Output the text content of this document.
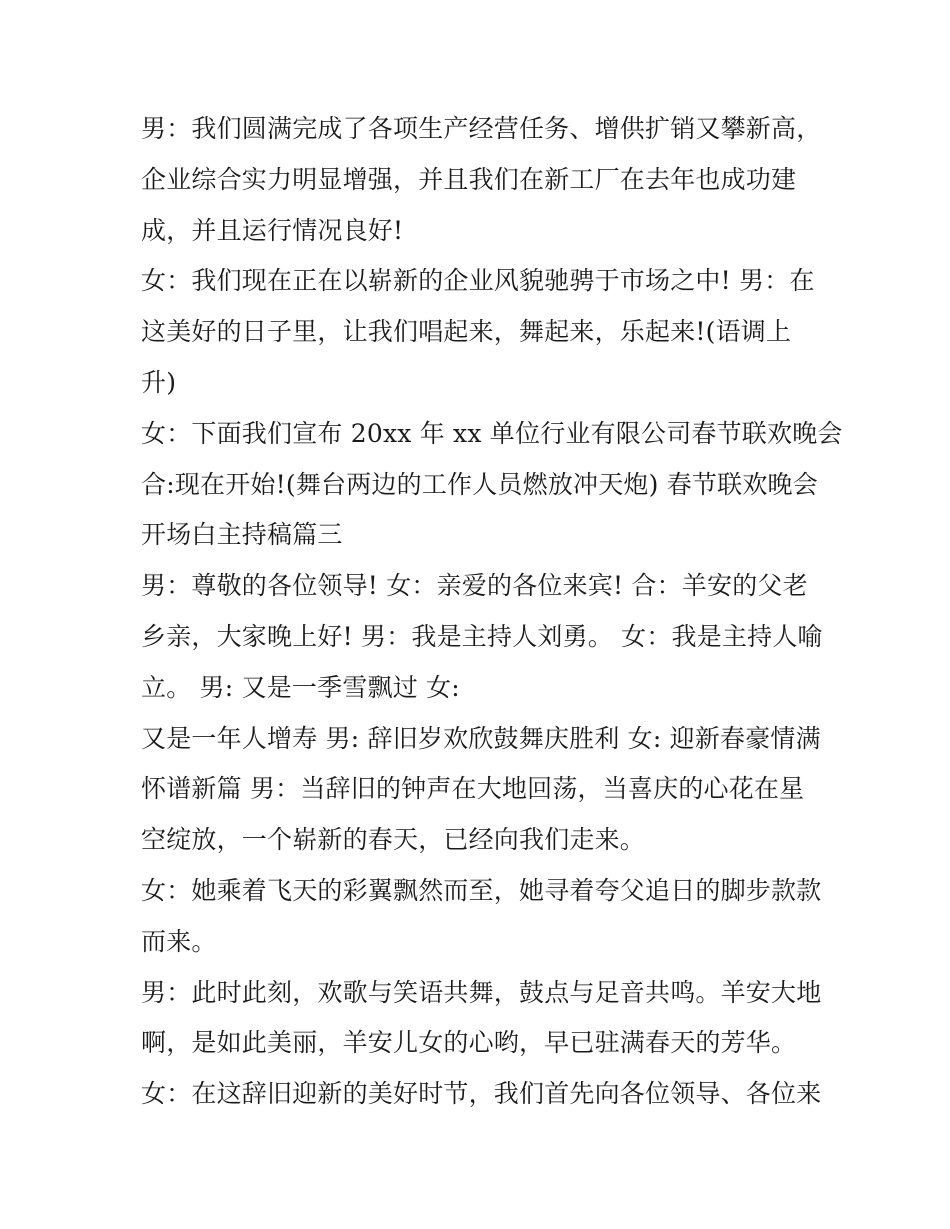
男：我们圆满完成了各项生产经营任务、增供扩销又攀新高，
企业综合实力明显增强，并且我们在新工厂在去年也成功建
成，并且运行情况良好!
女：我们现在正在以崭新的企业风貌驰骋于市场之中! 男：在
这美好的日子里，让我们唱起来，舞起来，乐起来!(语调上
升)
女：下面我们宣布 20xx 年 xx 单位行业有限公司春节联欢晚会
合:现在开始!(舞台两边的工作人员燃放冲天炮) 春节联欢晚会
开场白主持稿篇三
男：尊敬的各位领导! 女：亲爱的各位来宾! 合：羊安的父老
乡亲，大家晚上好! 男：我是主持人刘勇。 女：我是主持人喻
立。 男: 又是一季雪飘过 女:
又是一年人增寿 男: 辞旧岁欢欣鼓舞庆胜利 女: 迎新春豪情满
怀谱新篇 男：当辞旧的钟声在大地回荡，当喜庆的心花在星
空绽放，一个崭新的春天，已经向我们走来。
女：她乘着飞天的彩翼飘然而至，她寻着夸父追日的脚步款款
而来。
男：此时此刻，欢歌与笑语共舞，鼓点与足音共鸣。羊安大地
啊，是如此美丽，羊安儿女的心哟，早已驻满春天的芳华。
女：在这辞旧迎新的美好时节，我们首先向各位领导、各位来
